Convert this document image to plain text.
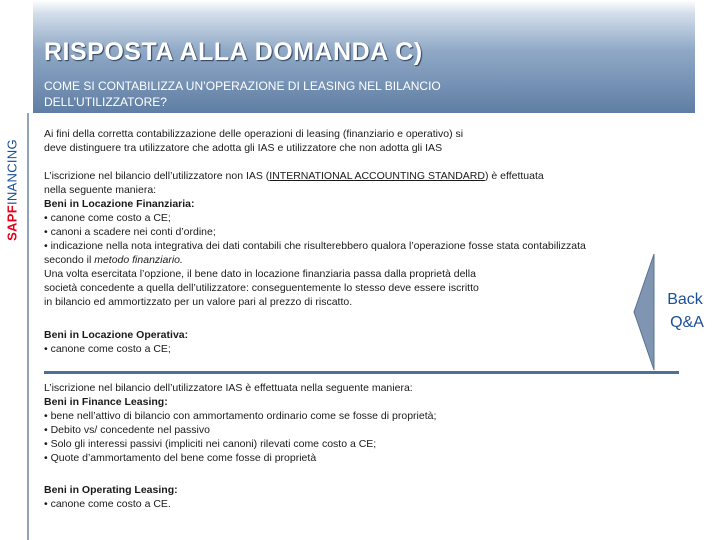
RISPOSTA ALLA DOMANDA C)
COME SI CONTABILIZZA UN’OPERAZIONE DI LEASING NEL BILANCIO DELL’UTILIZZATORE?
SAPFINANCING
Ai fini della corretta contabilizzazione delle operazioni di leasing (finanziario e operativo) si
deve distinguere tra utilizzatore che adotta gli IAS e utilizzatore che non adotta gli IAS
L’iscrizione nel bilancio dell’utilizzatore non IAS (INTERNATIONAL ACCOUNTING STANDARD) è effettuata
nella seguente maniera:
Beni in Locazione Finanziaria:
• canone come costo a CE;
• canoni a scadere nei conti d’ordine;
• indicazione nella nota integrativa dei dati contabili che risulterebbero qualora l’operazione fosse stata contabilizzata
secondo il metodo finanziario.
Una volta esercitata l’opzione, il bene dato in locazione finanziaria passa dalla proprietà della
società concedente a quella dell’utilizzatore: conseguentemente lo stesso deve essere iscritto
in bilancio ed ammortizzato per un valore pari al prezzo di riscatto.
Beni in Locazione Operativa:
• canone come costo a CE;
L’iscrizione nel bilancio dell’utilizzatore IAS è effettuata nella seguente maniera:
Beni in Finance Leasing:
• bene nell’attivo di bilancio con ammortamento ordinario come se fosse di proprietà;
• Debito vs/ concedente nel passivo
• Solo gli interessi passivi (impliciti nei canoni) rilevati come costo a CE;
• Quote d’ammortamento del bene come fosse di proprietà
Beni in Operating Leasing:
• canone come costo a CE.
Back
Q&A
